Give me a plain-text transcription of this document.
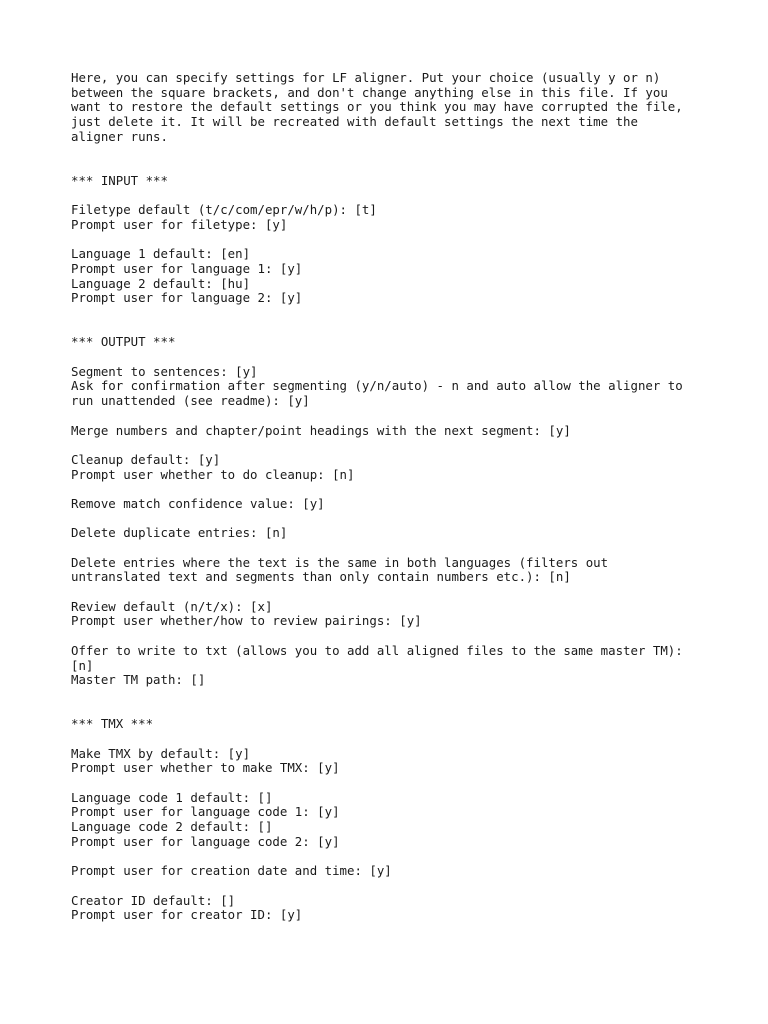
Here, you can specify settings for LF aligner. Put your choice (usually y or n)
between the square brackets, and don't change anything else in this file. If you
want to restore the default settings or you think you may have corrupted the file,
just delete it. It will be recreated with default settings the next time the
aligner runs.
*** INPUT ***
Filetype default (t/c/com/epr/w/h/p): [t]
Prompt user for filetype: [y]
Language 1 default: [en]
Prompt user for language 1: [y]
Language 2 default: [hu]
Prompt user for language 2: [y]
*** OUTPUT ***
Segment to sentences: [y]
Ask for confirmation after segmenting (y/n/auto) - n and auto allow the aligner to
run unattended (see readme): [y]
Merge numbers and chapter/point headings with the next segment: [y]
Cleanup default: [y]
Prompt user whether to do cleanup: [n]
Remove match confidence value: [y]
Delete duplicate entries: [n]
Delete entries where the text is the same in both languages (filters out
untranslated text and segments than only contain numbers etc.): [n]
Review default (n/t/x): [x]
Prompt user whether/how to review pairings: [y]
Offer to write to txt (allows you to add all aligned files to the same master TM):
[n]
Master TM path: []
*** TMX ***
Make TMX by default: [y]
Prompt user whether to make TMX: [y]
Language code 1 default: []
Prompt user for language code 1: [y]
Language code 2 default: []
Prompt user for language code 2: [y]
Prompt user for creation date and time: [y]
Creator ID default: []
Prompt user for creator ID: [y]
